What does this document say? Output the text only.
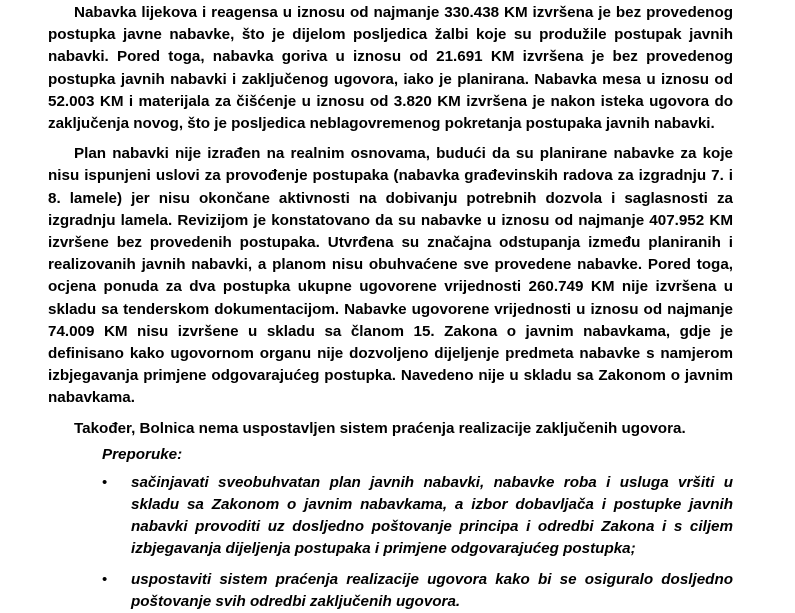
Nabavka lijekova i reagensa u iznosu od najmanje 330.438 KM izvršena je bez provedenog postupka javne nabavke, što je dijelom posljedica žalbi koje su produžile postupak javnih nabavki. Pored toga, nabavka goriva u iznosu od 21.691 KM izvršena je bez provedenog postupka javnih nabavki i zaključenog ugovora, iako je planirana. Nabavka mesa u iznosu od 52.003 KM i materijala za čišćenje u iznosu od 3.820 KM izvršena je nakon isteka ugovora do zaključenja novog, što je posljedica neblagovremenog pokretanja postupaka javnih nabavki.

Plan nabavki nije izrađen na realnim osnovama, budući da su planirane nabavke za koje nisu ispunjeni uslovi za provođenje postupaka (nabavka građevinskih radova za izgradnju 7. i 8. lamele) jer nisu okončane aktivnosti na dobivanju potrebnih dozvola i saglasnosti za izgradnju lamela. Revizijom je konstatovano da su nabavke u iznosu od najmanje 407.952 KM izvršene bez provedenih postupaka. Utvrđena su značajna odstupanja između planiranih i realizovanih javnih nabavki, a planom nisu obuhvaćene sve provedene nabavke. Pored toga, ocjena ponuda za dva postupka ukupne ugovorene vrijednosti 260.749 KM nije izvršena u skladu sa tenderskom dokumentacijom. Nabavke ugovorene vrijednosti u iznosu od najmanje 74.009 KM nisu izvršene u skladu sa članom 15. Zakona o javnim nabavkama, gdje je definisano kako ugovornom organu nije dozvoljeno dijeljenje predmeta nabavke s namjerom izbjegavanja primjene odgovarajućeg postupka. Navedeno nije u skladu sa Zakonom o javnim nabavkama.

Također, Bolnica nema uspostavljen sistem praćenja realizacije zaključenih ugovora.

Preporuke:
• sačinjavati sveobuhvatan plan javnih nabavki, nabavke roba i usluga vršiti u skladu sa Zakonom o javnim nabavkama, a izbor dobavljača i postupke javnih nabavki provoditi uz dosljedno poštovanje principa i odredbi Zakona i s ciljem izbjegavanja dijeljenja postupaka i primjene odgovarajućeg postupka;
• uspostaviti sistem praćenja realizacije ugovora kako bi se osiguralo dosljedno poštovanje svih odredbi zaključenih ugovora.
